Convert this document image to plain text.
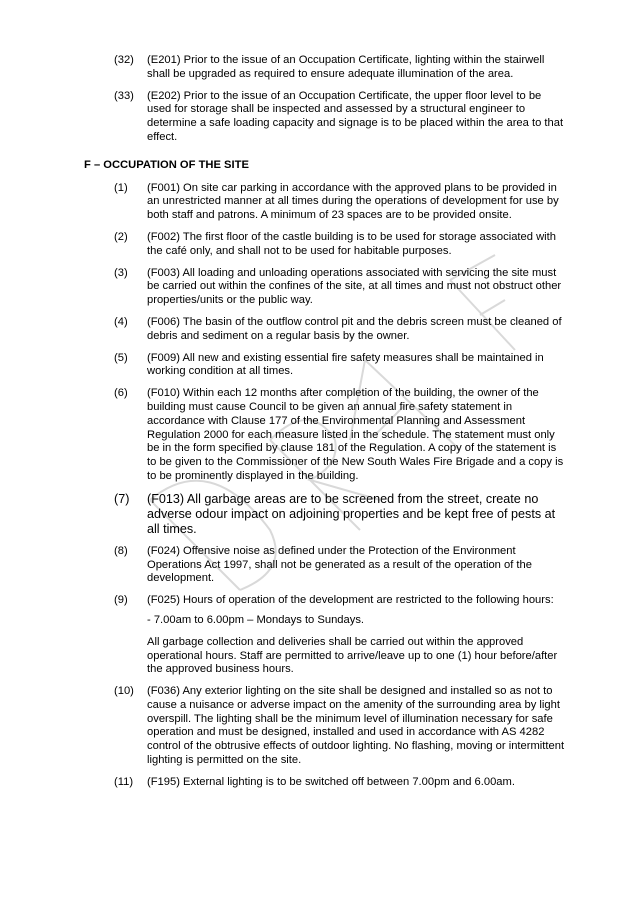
(32) (E201) Prior to the issue of an Occupation Certificate, lighting within the stairwell shall be upgraded as required to ensure adequate illumination of the area.
(33) (E202) Prior to the issue of an Occupation Certificate, the upper floor level to be used for storage shall be inspected and assessed by a structural engineer to determine a safe loading capacity and signage is to be placed within the area to that effect.
F – OCCUPATION OF THE SITE
(1) (F001) On site car parking in accordance with the approved plans to be provided in an unrestricted manner at all times during the operations of development for use by both staff and patrons. A minimum of 23 spaces are to be provided onsite.
(2) (F002) The first floor of the castle building is to be used for storage associated with the café only, and shall not to be used for habitable purposes.
(3) (F003) All loading and unloading operations associated with servicing the site must be carried out within the confines of the site, at all times and must not obstruct other properties/units or the public way.
(4) (F006) The basin of the outflow control pit and the debris screen must be cleaned of debris and sediment on a regular basis by the owner.
(5) (F009) All new and existing essential fire safety measures shall be maintained in working condition at all times.
(6) (F010) Within each 12 months after completion of the building, the owner of the building must cause Council to be given an annual fire safety statement in accordance with Clause 177 of the Environmental Planning and Assessment Regulation 2000 for each measure listed in the schedule. The statement must only be in the form specified by clause 181 of the Regulation. A copy of the statement is to be given to the Commissioner of the New South Wales Fire Brigade and a copy is to be prominently displayed in the building.
(7) (F013) All garbage areas are to be screened from the street, create no adverse odour impact on adjoining properties and be kept free of pests at all times.
(8) (F024) Offensive noise as defined under the Protection of the Environment Operations Act 1997, shall not be generated as a result of the operation of the development.
(9) (F025) Hours of operation of the development are restricted to the following hours:
- 7.00am to 6.00pm – Mondays to Sundays.
All garbage collection and deliveries shall be carried out within the approved operational hours. Staff are permitted to arrive/leave up to one (1) hour before/after the approved business hours.
(10) (F036) Any exterior lighting on the site shall be designed and installed so as not to cause a nuisance or adverse impact on the amenity of the surrounding area by light overspill. The lighting shall be the minimum level of illumination necessary for safe operation and must be designed, installed and used in accordance with AS 4282 control of the obtrusive effects of outdoor lighting. No flashing, moving or intermittent lighting is permitted on the site.
(11) (F195) External lighting is to be switched off between 7.00pm and 6.00am.
